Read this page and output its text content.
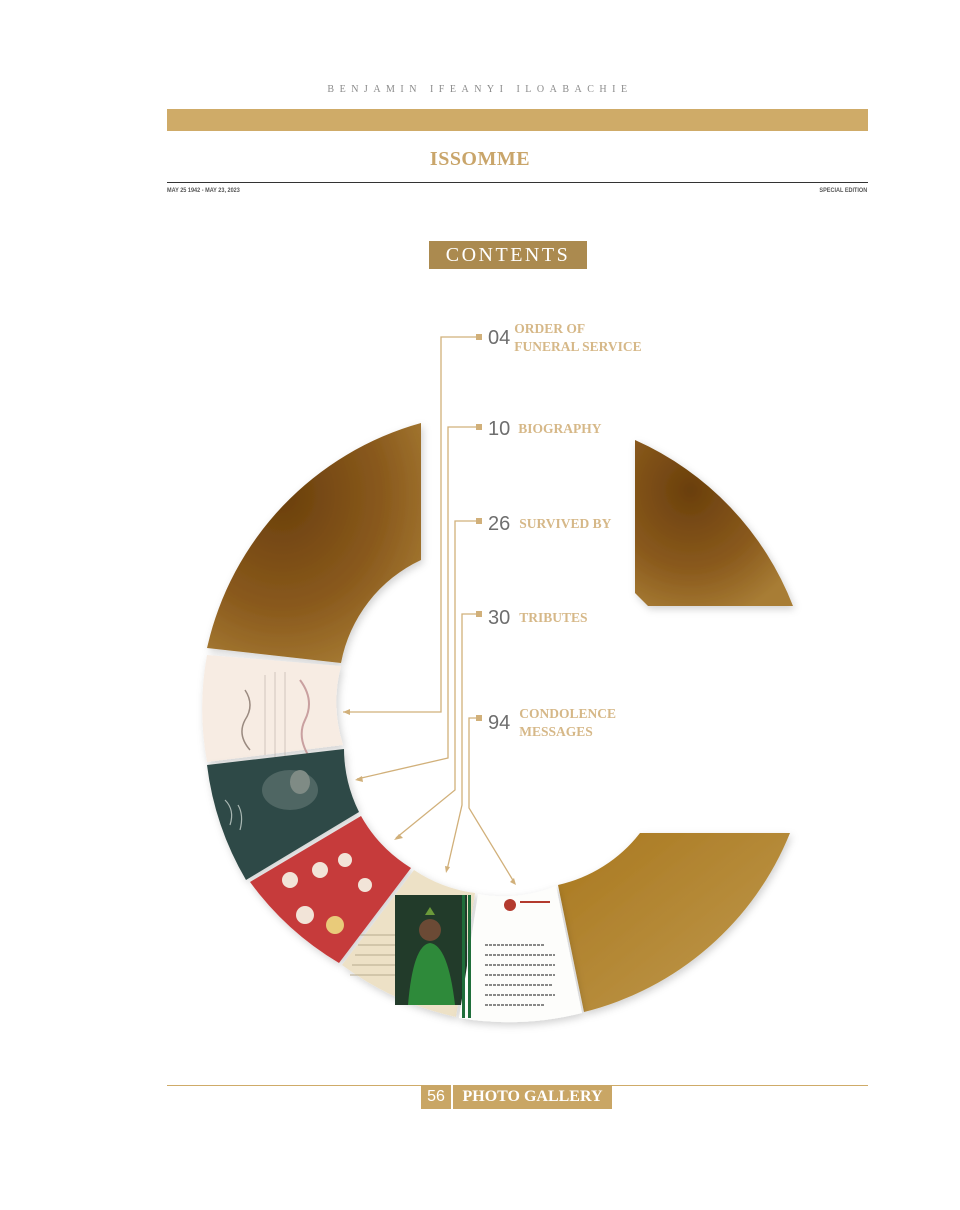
BENJAMIN IFEANYI ILOABACHIE
ISSOMME
MAY 25 1942 - MAY 23, 2023	SPECIAL EDITION
CONTENTS
04 ORDER OF
FUNERAL SERVICE
10 BIOGRAPHY
26 SURVIVED BY
30 TRIBUTES
94 CONDOLENCE
MESSAGES
56	PHOTO GALLERY
